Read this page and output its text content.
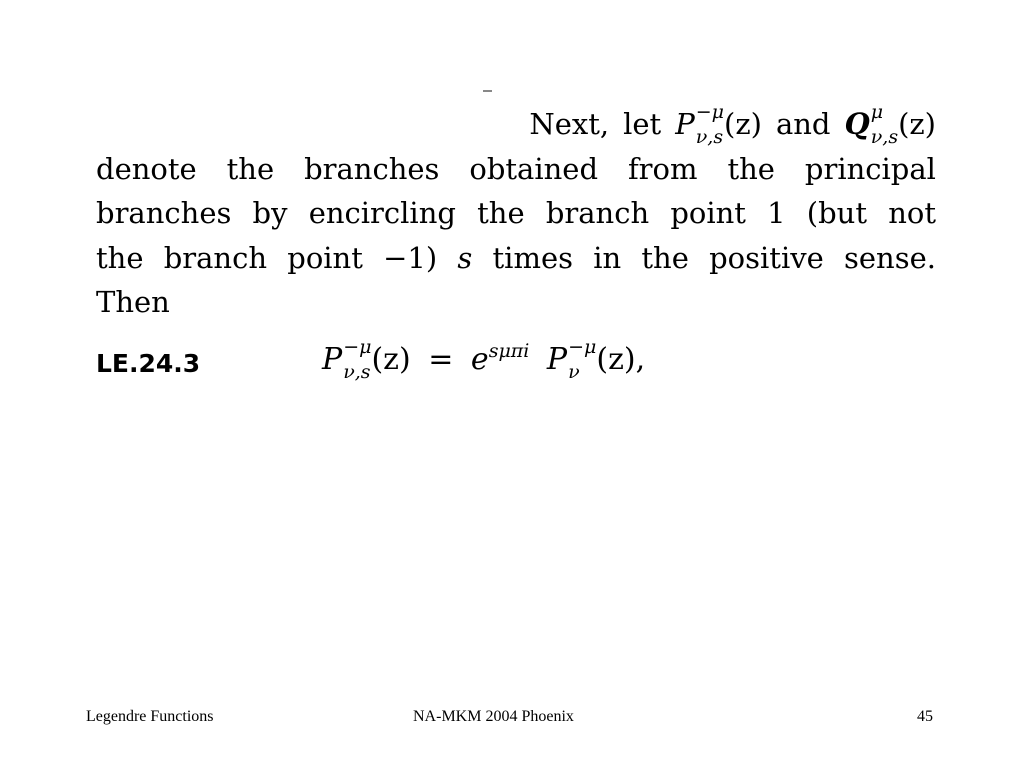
Next, let P −μ
ν,s (z) and Q μ
ν,s (z)
denote the branches obtained from the principal
branches by encircling the branch point 1 (but not
the branch point −1) s times in the positive sense.
Then
LE.24.3	P −μ
ν,s $(z) = e^{s\mu\pi i}$ P −μ
ν (z),
Legendre Functions	NA-MKM 2004 Phoenix	45
